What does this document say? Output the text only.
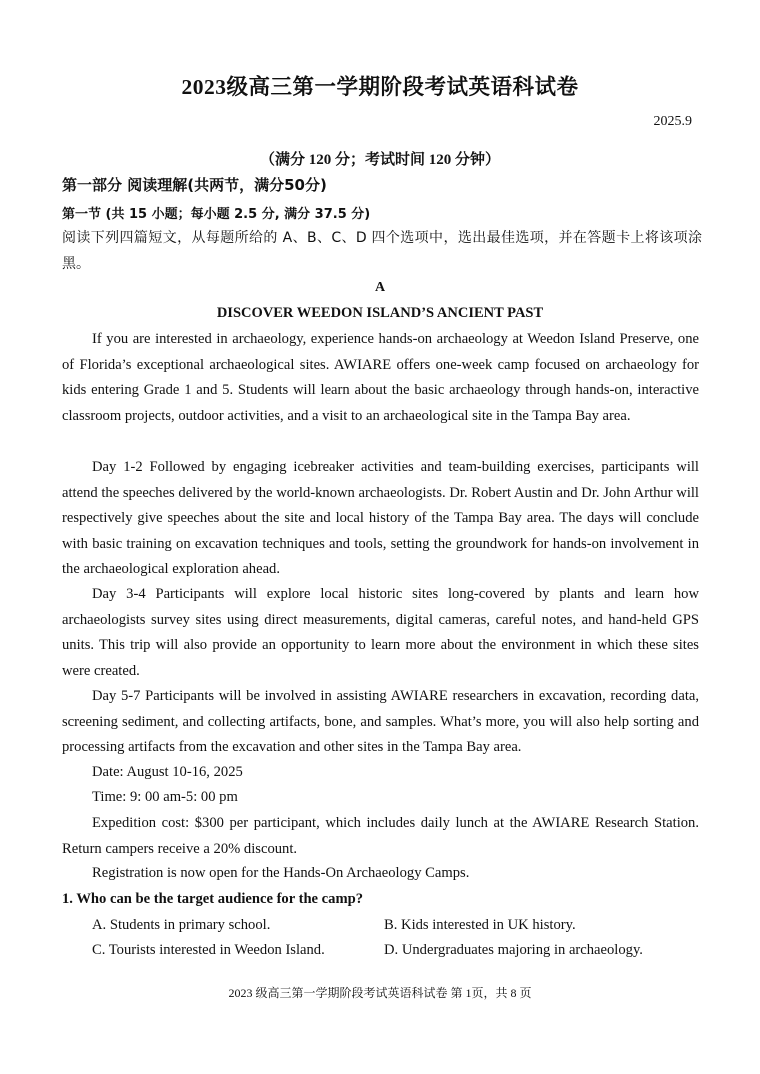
2023级高三第一学期阶段考试英语科试卷
2025.9
（满分 120 分；考试时间 120 分钟）
第一部分 阅读理解(共两节，满分50分)
第一节 (共 15 小题；每小题 2.5 分, 满分 37.5 分)
阅读下列四篇短文，从每题所给的 A、B、C、D 四个选项中，选出最佳选项，并在答题卡上将该项涂黑。
A
DISCOVER WEEDON ISLAND’S ANCIENT PAST
If you are interested in archaeology, experience hands-on archaeology at Weedon Island Preserve, one of Florida’s exceptional archaeological sites. AWIARE offers one-week camp focused on archaeology for kids entering Grade 1 and 5. Students will learn about the basic archaeology through hands-on, interactive classroom projects, outdoor activities, and a visit to an archaeological site in the Tampa Bay area.
Day 1-2 Followed by engaging icebreaker activities and team-building exercises, participants will attend the speeches delivered by the world-known archaeologists. Dr. Robert Austin and Dr. John Arthur will respectively give speeches about the site and local history of the Tampa Bay area. The days will conclude with basic training on excavation techniques and tools, setting the groundwork for hands-on involvement in the archaeological exploration ahead.
Day 3-4 Participants will explore local historic sites long-covered by plants and learn how archaeologists survey sites using direct measurements, digital cameras, careful notes, and hand-held GPS units. This trip will also provide an opportunity to learn more about the environment in which these sites were created.
Day 5-7 Participants will be involved in assisting AWIARE researchers in excavation, recording data, screening sediment, and collecting artifacts, bone, and samples. What’s more, you will also help sorting and processing artifacts from the excavation and other sites in the Tampa Bay area.
Date: August 10-16, 2025
Time: 9: 00 am-5: 00 pm
Expedition cost: $300 per participant, which includes daily lunch at the AWIARE Research Station. Return campers receive a 20% discount.
Registration is now open for the Hands-On Archaeology Camps.
1. Who can be the target audience for the camp?
A. Students in primary school.	B. Kids interested in UK history.
C. Tourists interested in Weedon Island.	D. Undergraduates majoring in archaeology.
2023 级高三第一学期阶段考试英语科试卷 第 1页，共 8 页
